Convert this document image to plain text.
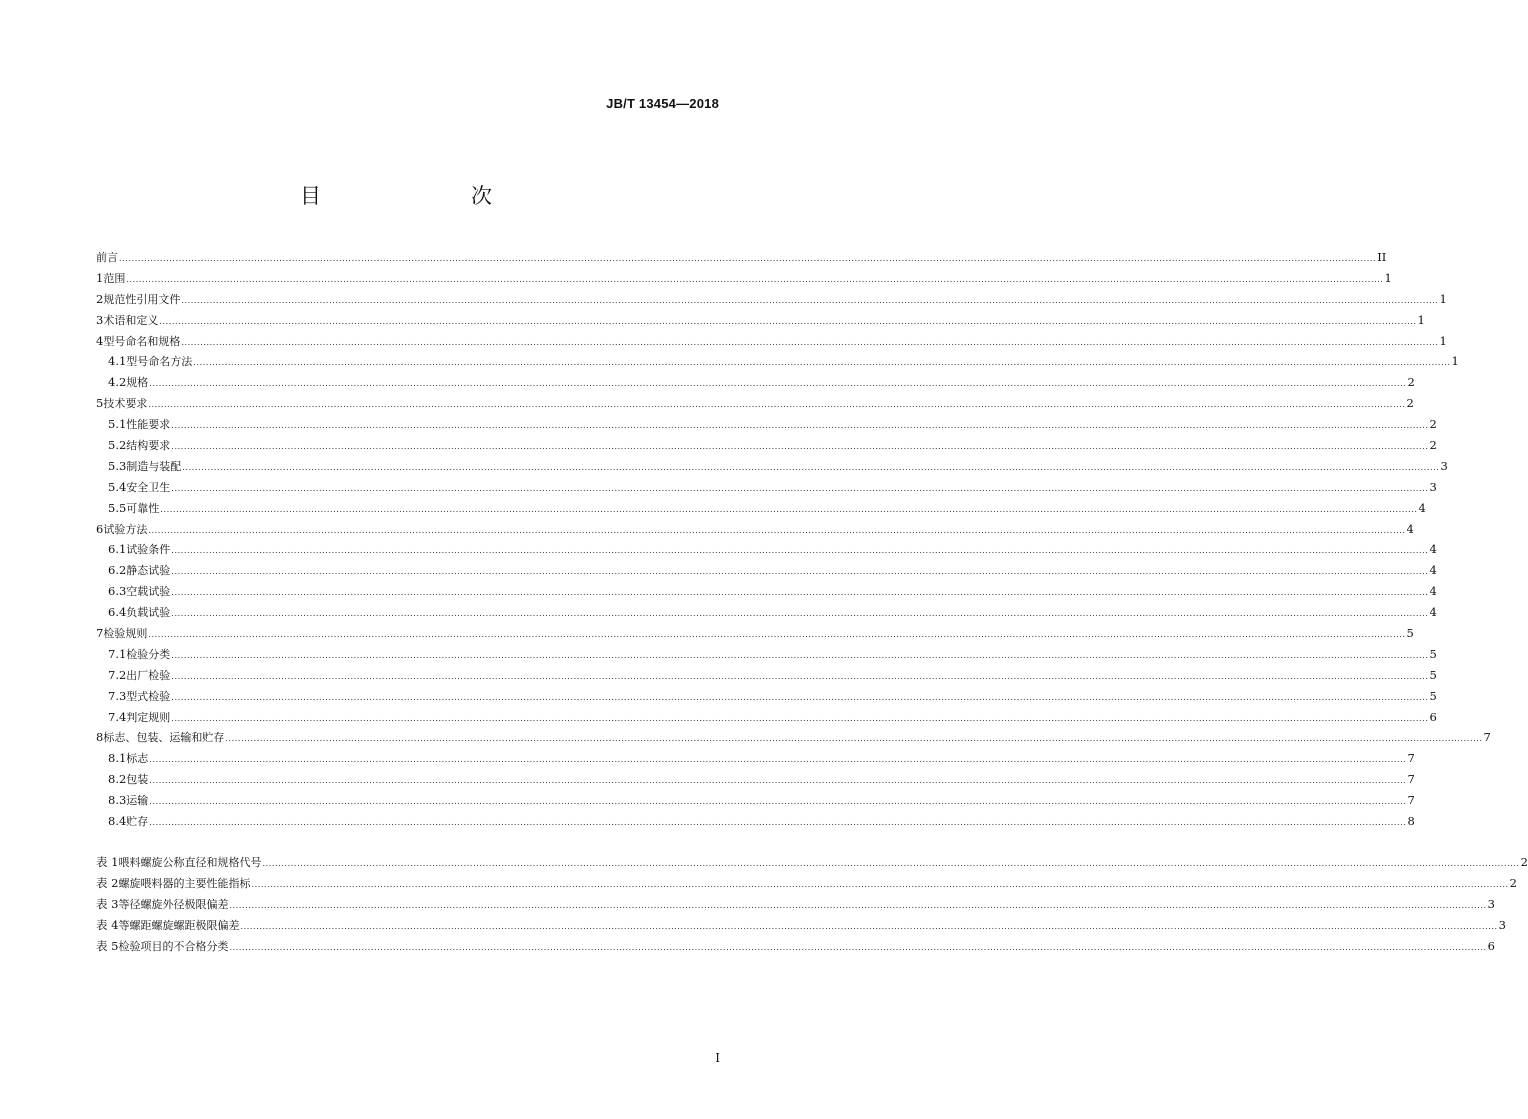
JB/T 13454—2018
目　　次
前言 ................................................................................................................................................................................................................................................................................................................................................................................................................ II
1 范围 ................................................................................................................................................................................................................................................................................................................................................................................................................ 1
2 规范性引用文件 ................................................................................................................................................................................................................................................................................................................................................................................................................ 1
3 术语和定义 ................................................................................................................................................................................................................................................................................................................................................................................................................ 1
4 型号命名和规格 ................................................................................................................................................................................................................................................................................................................................................................................................................ 1
4.1 型号命名方法 ................................................................................................................................................................................................................................................................................................................................................................................................................ 1
4.2 规格 ................................................................................................................................................................................................................................................................................................................................................................................................................ 2
5 技术要求 ................................................................................................................................................................................................................................................................................................................................................................................................................ 2
5.1 性能要求 ................................................................................................................................................................................................................................................................................................................................................................................................................ 2
5.2 结构要求 ................................................................................................................................................................................................................................................................................................................................................................................................................ 2
5.3 制造与装配 ................................................................................................................................................................................................................................................................................................................................................................................................................ 3
5.4 安全卫生 ................................................................................................................................................................................................................................................................................................................................................................................................................ 3
5.5 可靠性 ................................................................................................................................................................................................................................................................................................................................................................................................................ 4
6 试验方法 ................................................................................................................................................................................................................................................................................................................................................................................................................ 4
6.1 试验条件 ................................................................................................................................................................................................................................................................................................................................................................................................................ 4
6.2 静态试验 ................................................................................................................................................................................................................................................................................................................................................................................................................ 4
6.3 空载试验 ................................................................................................................................................................................................................................................................................................................................................................................................................ 4
6.4 负载试验 ................................................................................................................................................................................................................................................................................................................................................................................................................ 4
7 检验规则 ................................................................................................................................................................................................................................................................................................................................................................................................................ 5
7.1 检验分类 ................................................................................................................................................................................................................................................................................................................................................................................................................ 5
7.2 出厂检验 ................................................................................................................................................................................................................................................................................................................................................................................................................ 5
7.3 型式检验 ................................................................................................................................................................................................................................................................................................................................................................................................................ 5
7.4 判定规则 ................................................................................................................................................................................................................................................................................................................................................................................................................ 6
8 标志、包装、运输和贮存 ................................................................................................................................................................................................................................................................................................................................................................................................................ 7
8.1 标志 ................................................................................................................................................................................................................................................................................................................................................................................................................ 7
8.2 包装 ................................................................................................................................................................................................................................................................................................................................................................................................................ 7
8.3 运输 ................................................................................................................................................................................................................................................................................................................................................................................................................ 7
8.4 贮存 ................................................................................................................................................................................................................................................................................................................................................................................................................ 8
表 1 喂料螺旋公称直径和规格代号 ................................................................................................................................................................................................................................................................................................................................................................................................................ 2
表 2 螺旋喂料器的主要性能指标 ................................................................................................................................................................................................................................................................................................................................................................................................................ 2
表 3 等径螺旋外径极限偏差 ................................................................................................................................................................................................................................................................................................................................................................................................................ 3
表 4 等螺距螺旋螺距极限偏差 ................................................................................................................................................................................................................................................................................................................................................................................................................ 3
表 5 检验项目的不合格分类 ................................................................................................................................................................................................................................................................................................................................................................................................................ 6
I
